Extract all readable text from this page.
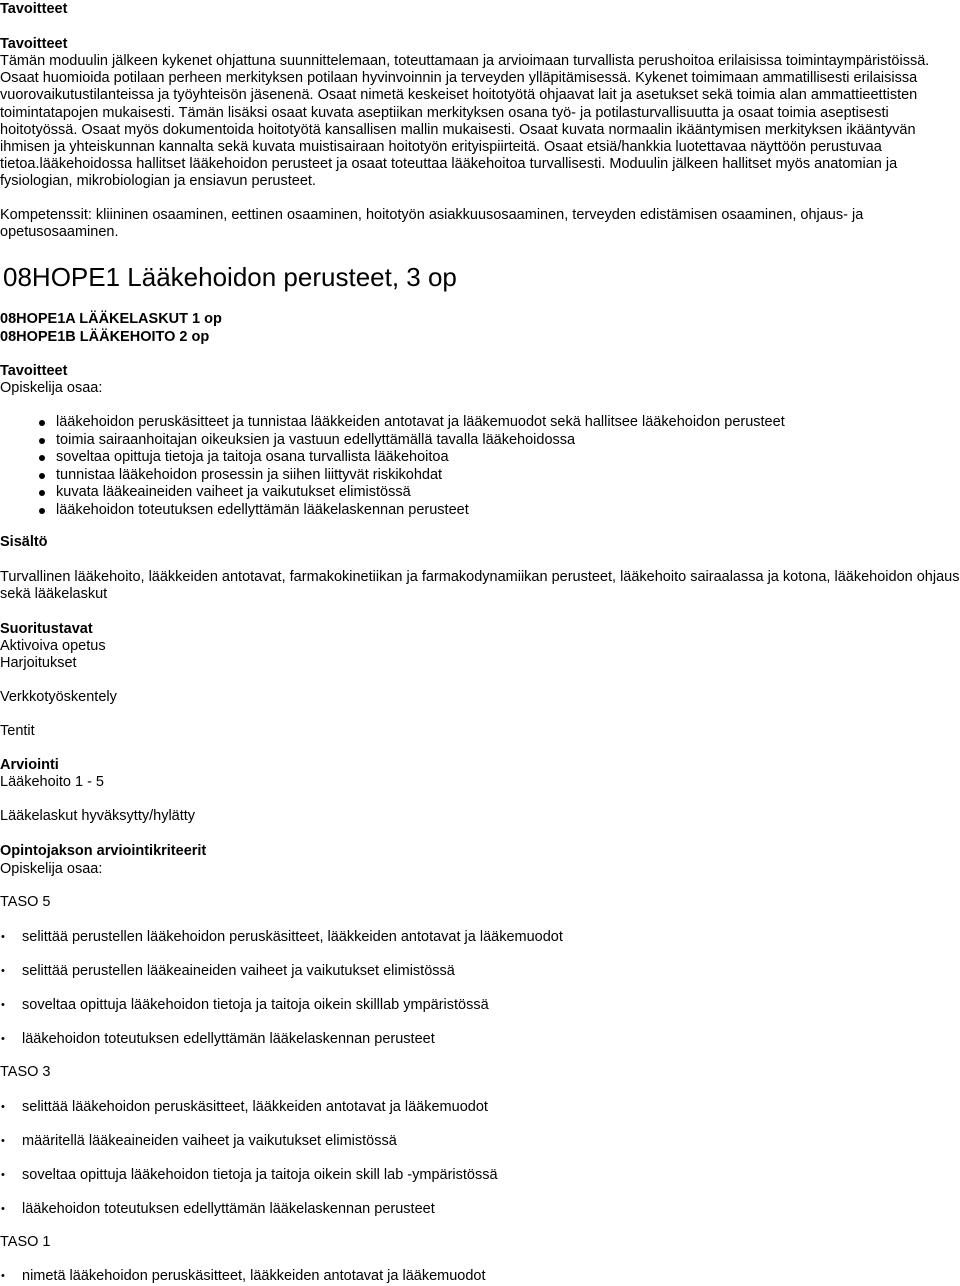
Tavoitteet

Tavoitteet

Tämän moduulin jälkeen kykenet ohjattuna suunnittelemaan, toteuttamaan ja arvioimaan turvallista perushoitoa erilaisissa toimintaympäristöissä. Osaat huomioida potilaan perheen merkityksen potilaan hyvinvoinnin ja terveyden ylläpitämisessä. Kykenet toimimaan ammatillisesti erilaisissa vuorovaikutustilanteissa ja työyhteisön jäsenenä. Osaat nimetä keskeiset hoitotyötä ohjaavat lait ja asetukset sekä toimia alan ammattieettisten toimintatapojen mukaisesti. Tämän lisäksi osaat kuvata aseptiikan merkityksen osana työ- ja potilasturvallisuutta ja osaat toimia aseptisesti hoitotyössä. Osaat myös dokumentoida hoitotyötä kansallisen mallin mukaisesti. Osaat kuvata normaalin ikääntymisen merkityksen ikääntyvän ihmisen ja yhteiskunnan kannalta sekä kuvata muistisairaan hoitotyön erityispiirteitä. Osaat etsiä/hankkia luotettavaa näyttöön perustuvaa tietoa.lääkehoidossa hallitset lääkehoidon perusteet ja osaat toteuttaa lääkehoitoa turvallisesti. Moduulin jälkeen hallitset myös anatomian ja fysiologian, mikrobiologian ja ensiavun perusteet.

Kompetenssit: kliininen osaaminen, eettinen osaaminen, hoitotyön asiakkuusosaaminen, terveyden edistämisen osaaminen, ohjaus- ja opetusosaaminen.

08HOPE1 Lääkehoidon perusteet, 3 op

08HOPE1A LÄÄKELASKUT 1 op

08HOPE1B LÄÄKEHOITO 2 op

Tavoitteet

Opiskelija osaa:

lääkehoidon peruskäsitteet ja tunnistaa lääkkeiden antotavat ja lääkemuodot sekä hallitsee lääkehoidon perusteet
toimia sairaanhoitajan oikeuksien ja vastuun edellyttämällä tavalla lääkehoidossa
soveltaa opittuja tietoja ja taitoja osana turvallista lääkehoitoa
tunnistaa lääkehoidon prosessin ja siihen liittyvät riskikohdat
kuvata lääkeaineiden vaiheet ja vaikutukset elimistössä
lääkehoidon toteutuksen edellyttämän lääkelaskennan perusteet

Sisältö

Turvallinen lääkehoito, lääkkeiden antotavat, farmakokinetiikan ja farmakodynamiikan perusteet, lääkehoito sairaalassa ja kotona, lääkehoidon ohjaus sekä lääkelaskut

Suoritustavat

Aktivoiva opetus

Harjoitukset

Verkkotyöskentely

Tentit

Arviointi

Lääkehoito 1 - 5

Lääkelaskut hyväksytty/hylätty

Opintojakson arviointikriteerit

Opiskelija osaa:

TASO 5

• selittää perustellen lääkehoidon peruskäsitteet, lääkkeiden antotavat ja lääkemuodot
• selittää perustellen lääkeaineiden vaiheet ja vaikutukset elimistössä
• soveltaa opittuja lääkehoidon tietoja ja taitoja oikein skilllab ympäristössä
• lääkehoidon toteutuksen edellyttämän lääkelaskennan perusteet

TASO 3

• selittää lääkehoidon peruskäsitteet, lääkkeiden antotavat ja lääkemuodot
• määritellä lääkeaineiden vaiheet ja vaikutukset elimistössä
• soveltaa opittuja lääkehoidon tietoja ja taitoja oikein skill lab -ympäristössä
• lääkehoidon toteutuksen edellyttämän lääkelaskennan perusteet

TASO 1

• nimetä lääkehoidon peruskäsitteet, lääkkeiden antotavat ja lääkemuodot
